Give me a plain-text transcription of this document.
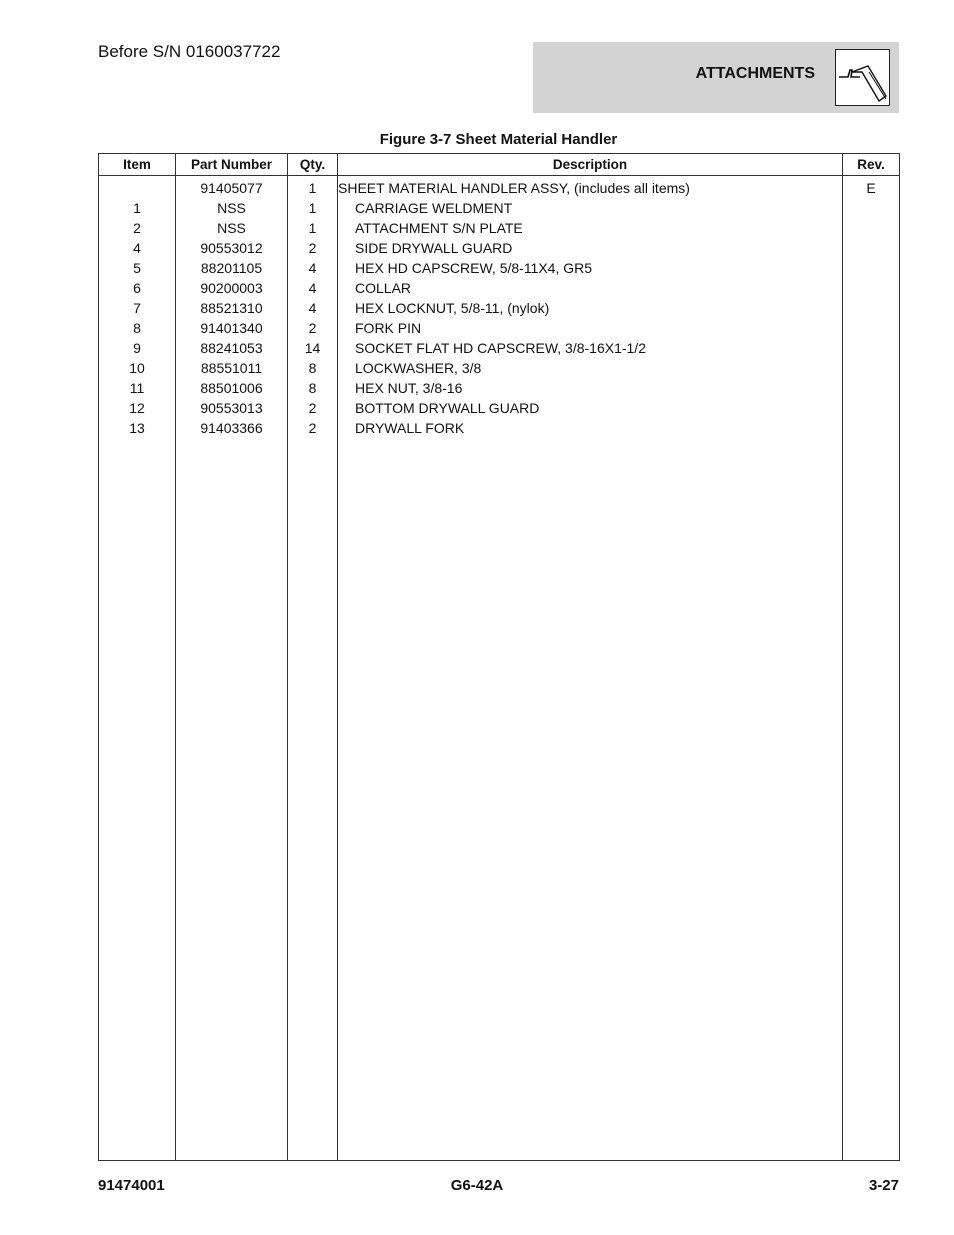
Before S/N 0160037722
ATTACHMENTS
Figure 3-7 Sheet Material Handler
Item	Part Number	Qty.	Description	Rev.
	91405077	1	SHEET MATERIAL HANDLER ASSY, (includes all items)	E
1	NSS	1	CARRIAGE WELDMENT	
2	NSS	1	ATTACHMENT S/N PLATE	
4	90553012	2	SIDE DRYWALL GUARD	
5	88201105	4	HEX HD CAPSCREW, 5/8-11X4, GR5	
6	90200003	4	COLLAR	
7	88521310	4	HEX LOCKNUT, 5/8-11, (nylok)	
8	91401340	2	FORK PIN	
9	88241053	14	SOCKET FLAT HD CAPSCREW, 3/8-16X1-1/2	
10	88551011	8	LOCKWASHER, 3/8	
11	88501006	8	HEX NUT, 3/8-16	
12	90553013	2	BOTTOM DRYWALL GUARD	
13	91403366	2	DRYWALL FORK	

91474001	G6-42A	3-27
